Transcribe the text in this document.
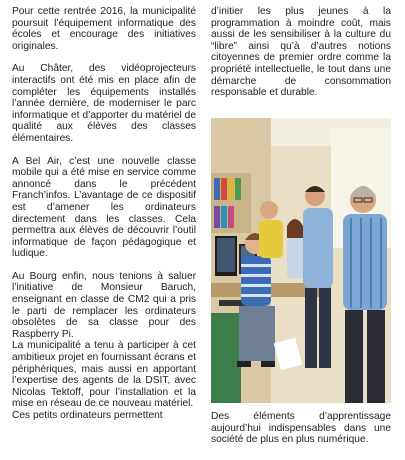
Pour cette rentrée 2016, la municipalité poursuit l’équipement informatique des écoles et encourage des initiatives originales.

Au Châter, des vidéoprojecteurs interactifs ont été mis en place afin de compléter les équipements installés l’année dernière, de moderniser le parc informatique et d’apporter du matériel de qualité aux élèves des classes élémentaires.

A Bel Air, c’est une nouvelle classe mobile qui a été mise en service comme annoncé dans le précédent Franch’infos. L’avantage de ce dispositif est d’amener les ordinateurs directement dans les classes. Cela permettra aux élèves de découvrir l’outil informatique de façon pédagogique et ludique.

Au Bourg enfin, nous tenions à saluer l’initiative de Monsieur Baruch, enseignant en classe de CM2 qui a pris le parti de remplacer les ordinateurs obsolètes de sa classe pour des Raspberry Pi.

La municipalité a tenu à participer à cet ambitieux projet en fournissant écrans et périphériques, mais aussi en apportant l’expertise des agents de la DSIT, avec Nicolas Tektoff, pour l’installation et la mise en réseau de ce nouveau matériel.

Ces petits ordinateurs permettent

d’initier les plus jeunes à la programmation à moindre coût, mais aussi de les sensibiliser à la culture du “libre” ainsi qu’à d’autres notions citoyennes de premier ordre comme la propriété intellectuelle, le tout dans une démarche de consommation responsable et durable.

Des éléments d’apprentissage aujourd’hui indispensables dans une société de plus en plus numérique.
